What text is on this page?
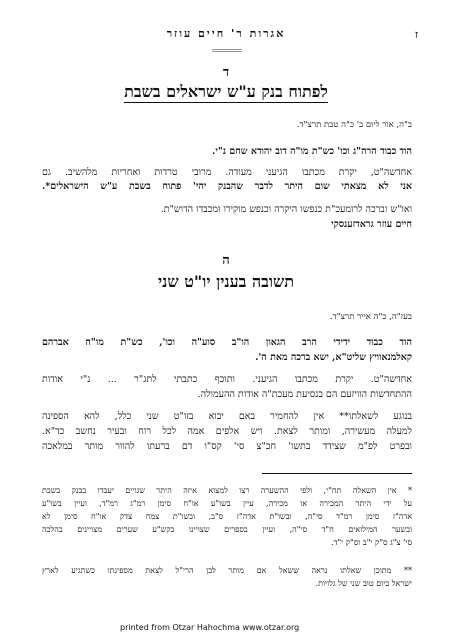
ז
אגרות ר' חיים עוזר
ד
לפתוח בנק ע"ש ישראלים בשבת
ב"ה, אור ליום ב' כ"ה טבת תרצ"ד.
הוד כבוד הרה"ג וכו' כש"ת מו"ה דוב יהודא שחם נ"י.
אחדשה"ט, יקרת מכתבו הגיעני מעודה. מרובי טרדות ואחריות מלהשיב. גם
אני לא מצאתי שום היתר לדבר שהבנק יהי' פתוח בשבת ע"ש הישראלים*.
ואו"ש וברכה לרומעכ"ת כנפשו היקרה וכנפש מוקירו ומכבדו הדוש"ת.
חיים עוזר גראדזענסקי
ה
תשובה בענין יו"ט שני
בעז"ה, כ"ה אייר תרצ"ד.
הוד כבוד ידידי הרב הגאון הו"ב סוע"ה וכו', כש"ת מו"ה אברהם
קאלמנאוויץ שליט"א, ישא ברכה מאת ה'.
אחדשה"ט. יקרת מכתבו הגיעני. ותוכף כתבתי לתג"ר ... נ"י אודות
ההתחדשות הוויזעם הם בנסיעת מעכת"ה אודות ההעמולה.
בנוגע לשאלתו** אין להחמיר באם יבוא בזו"ט שני כלל, להא הספינה
למעלה מעשירה, ומותר לצאת. ויש אלפים אמה לכל רוח ובעיר נחשב כד"א.
ובפרט לפ"מ שצידד בתשו' חכ"צ סי' קס"ו דם ברעתו להוור מותר במלאכה
* אין השאלה תח"י, ולפי ההשערה רצו למצוא איזה היתר שגויים יעבדו בבנק בשבת
על ידי היתר המכירה או מכירה, עיין בשו"ע או"ח סימן רמ"ג רמ"ד, ועיין בשו"ע
אדה"ז סימן רמ"ד סי"ה, ובשו"ת אדה"ז ס"ב, ובשו"ת צמח צדק או"ח סימן לא
ובשער המילואים ח"ד סי"ה, ועיין בספרים שצויינו בקש"ע שערים מצויינים בהלכה
סי' צ"ג ס"ק י"ב וס"ק י"ד.
** מתוכן שאלתו נראה ששאל אם מותר לבן הרי"ל לצאת מספינתו כשתגיע לארץ
ישראל ביום טוב שני של גלויות.
printed from Otzar Hahochma www.otzar.org
